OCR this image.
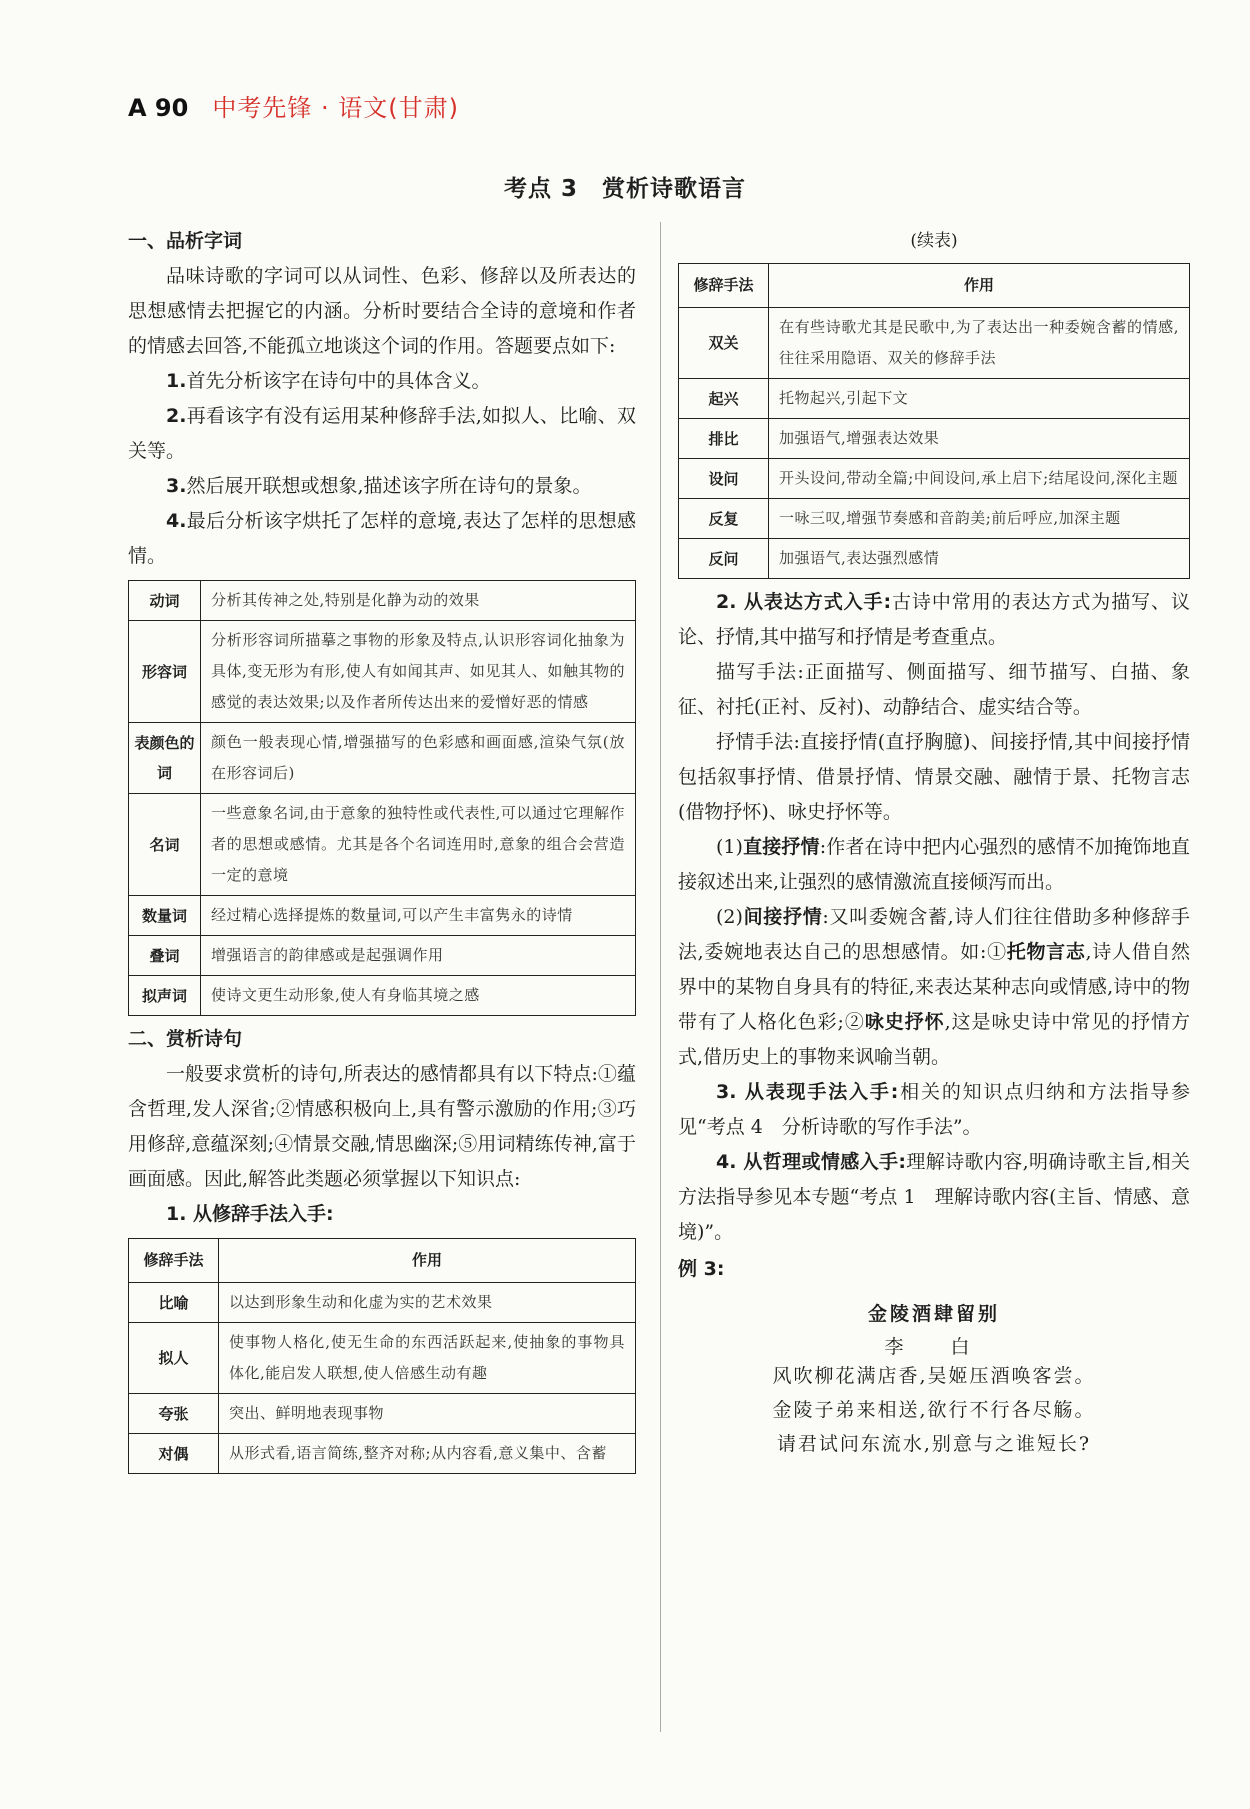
A 90 中考先锋 · 语文(甘肃)
考点 3　赏析诗歌语言
一、品析字词

品味诗歌的字词可以从词性、色彩、修辞以及所表达的思想感情去把握它的内涵。分析时要结合全诗的意境和作者的情感去回答,不能孤立地谈这个词的作用。答题要点如下:

1.首先分析该字在诗句中的具体含义。

2.再看该字有没有运用某种修辞手法,如拟人、比喻、双关等。

3.然后展开联想或想象,描述该字所在诗句的景象。

4.最后分析该字烘托了怎样的意境,表达了怎样的思想感情。

动词	分析其传神之处,特别是化静为动的效果
形容词	分析形容词所描摹之事物的形象及特点,认识形容词化抽象为具体,变无形为有形,使人有如闻其声、如见其人、如触其物的感觉的表达效果;以及作者所传达出来的爱憎好恶的情感
表颜色的词	颜色一般表现心情,增强描写的色彩感和画面感,渲染气氛(放在形容词后)
名词	一些意象名词,由于意象的独特性或代表性,可以通过它理解作者的思想或感情。尤其是各个名词连用时,意象的组合会营造一定的意境
数量词	经过精心选择提炼的数量词,可以产生丰富隽永的诗情
叠词	增强语言的韵律感或是起强调作用
拟声词	使诗文更生动形象,使人有身临其境之感
二、赏析诗句

一般要求赏析的诗句,所表达的感情都具有以下特点:①蕴含哲理,发人深省;②情感积极向上,具有警示激励的作用;③巧用修辞,意蕴深刻;④情景交融,情思幽深;⑤用词精练传神,富于画面感。因此,解答此类题必须掌握以下知识点:

1. 从修辞手法入手:

修辞手法	作用
比喻	以达到形象生动和化虚为实的艺术效果
拟人	使事物人格化,使无生命的东西活跃起来,使抽象的事物具体化,能启发人联想,使人倍感生动有趣
夸张	突出、鲜明地表现事物
对偶	从形式看,语言简练,整齐对称;从内容看,意义集中、含蓄
(续表)
修辞手法	作用
双关	在有些诗歌尤其是民歌中,为了表达出一种委婉含蓄的情感,往往采用隐语、双关的修辞手法
起兴	托物起兴,引起下文
排比	加强语气,增强表达效果
设问	开头设问,带动全篇;中间设问,承上启下;结尾设问,深化主题
反复	一咏三叹,增强节奏感和音韵美;前后呼应,加深主题
反问	加强语气,表达强烈感情

2. 从表达方式入手:古诗中常用的表达方式为描写、议论、抒情,其中描写和抒情是考查重点。

描写手法:正面描写、侧面描写、细节描写、白描、象征、衬托(正衬、反衬)、动静结合、虚实结合等。

抒情手法:直接抒情(直抒胸臆)、间接抒情,其中间接抒情包括叙事抒情、借景抒情、情景交融、融情于景、托物言志(借物抒怀)、咏史抒怀等。

(1)直接抒情:作者在诗中把内心强烈的感情不加掩饰地直接叙述出来,让强烈的感情激流直接倾泻而出。

(2)间接抒情:又叫委婉含蓄,诗人们往往借助多种修辞手法,委婉地表达自己的思想感情。如:①托物言志,诗人借自然界中的某物自身具有的特征,来表达某种志向或情感,诗中的物带有了人格化色彩;②咏史抒怀,这是咏史诗中常见的抒情方式,借历史上的事物来讽喻当朝。

3. 从表现手法入手:相关的知识点归纳和方法指导参见“考点 4　分析诗歌的写作手法”。

4. 从哲理或情感入手:理解诗歌内容,明确诗歌主旨,相关方法指导参见本专题“考点 1　理解诗歌内容(主旨、情感、意境)”。

例 3:
金陵酒肆留别
李　白
风吹柳花满店香,吴姬压酒唤客尝。
金陵子弟来相送,欲行不行各尽觞。
请君试问东流水,别意与之谁短长?
